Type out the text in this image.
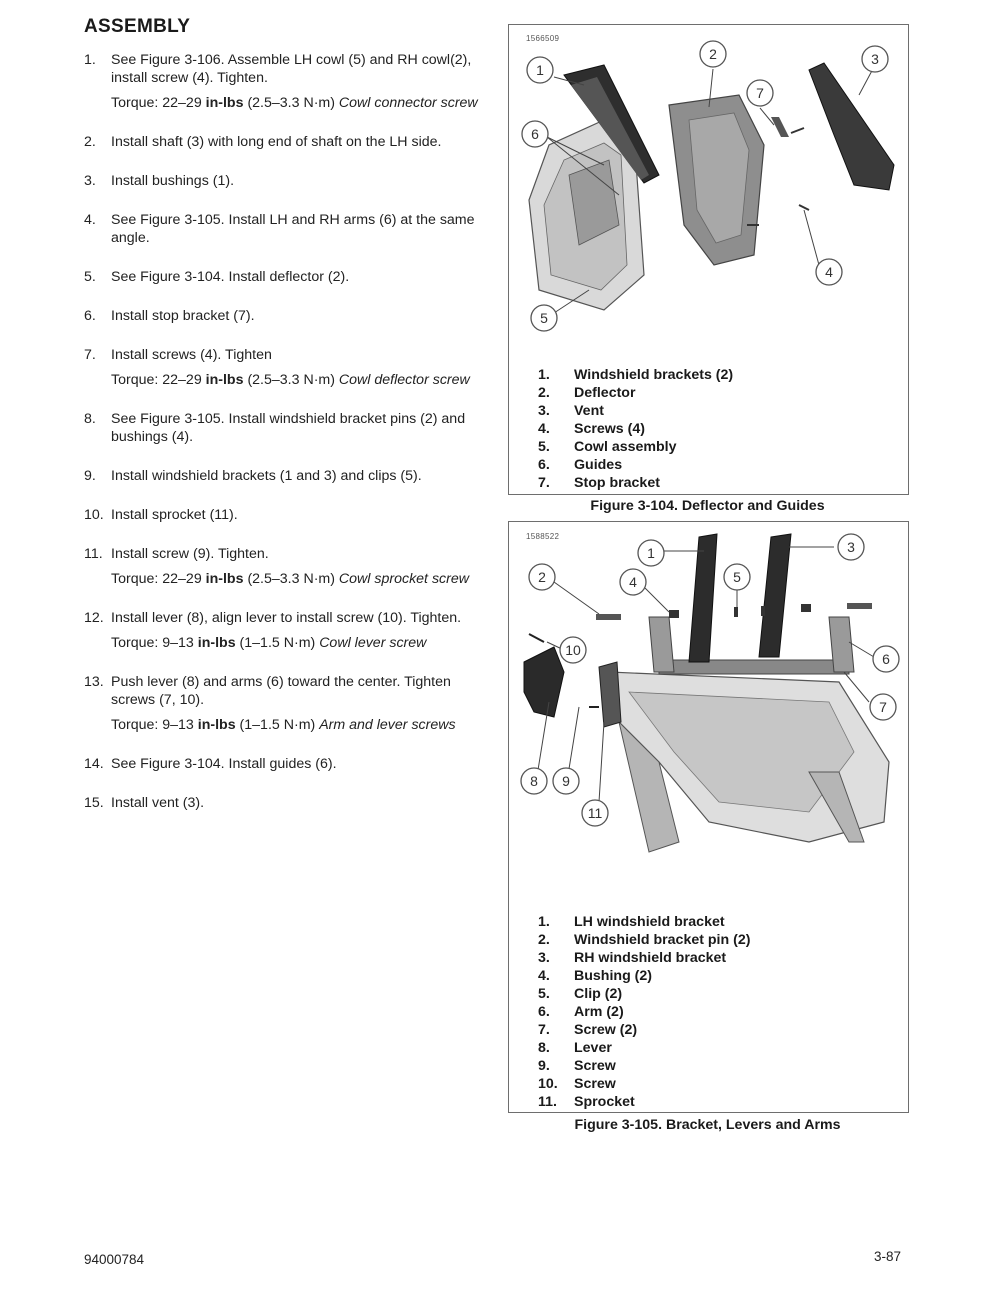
ASSEMBLY
1.	See Figure 3-106. Assemble LH cowl (5) and RH cowl(2), install screw (4). Tighten.
Torque: 22–29 in-lbs (2.5–3.3 N·m) Cowl connector screw
2.	Install shaft (3) with long end of shaft on the LH side.
3.	Install bushings (1).
4.	See Figure 3-105. Install LH and RH arms (6) at the same angle.
5.	See Figure 3-104. Install deflector (2).
6.	Install stop bracket (7).
7.	Install screws (4). Tighten
Torque: 22–29 in-lbs (2.5–3.3 N·m) Cowl deflector screw
8.	See Figure 3-105. Install windshield bracket pins (2) and bushings (4).
9.	Install windshield brackets (1 and 3) and clips (5).
10. Install sprocket (11).
11. Install screw (9). Tighten.
Torque: 22–29 in-lbs (2.5–3.3 N·m) Cowl sprocket screw
12. Install lever (8), align lever to install screw (10). Tighten.
Torque: 9–13 in-lbs (1–1.5 N·m) Cowl lever screw
13. Push lever (8) and arms (6) toward the center. Tighten screws (7, 10).
Torque: 9–13 in-lbs (1–1.5 N·m) Arm and lever screws
14. See Figure 3-104. Install guides (6).
15. Install vent (3).
1566509
1
2	3
4
5
6
7
1.	Windshield brackets (2)
2.	Deflector
3.	Vent
4.	Screws (4)
5.	Cowl assembly
6.	Guides
7.	Stop bracket
Figure 3-104. Deflector and Guides
1588522
1
2
3
4	5
6
7
8 9
10
11
1.	LH windshield bracket
2.	Windshield bracket pin (2)
3.	RH windshield bracket
4.	Bushing (2)
5.	Clip (2)
6.	Arm (2)
7.	Screw (2)
8.	Lever
9.	Screw
10.	Screw
11.	Sprocket
Figure 3-105. Bracket, Levers and Arms
94000784	3-87
